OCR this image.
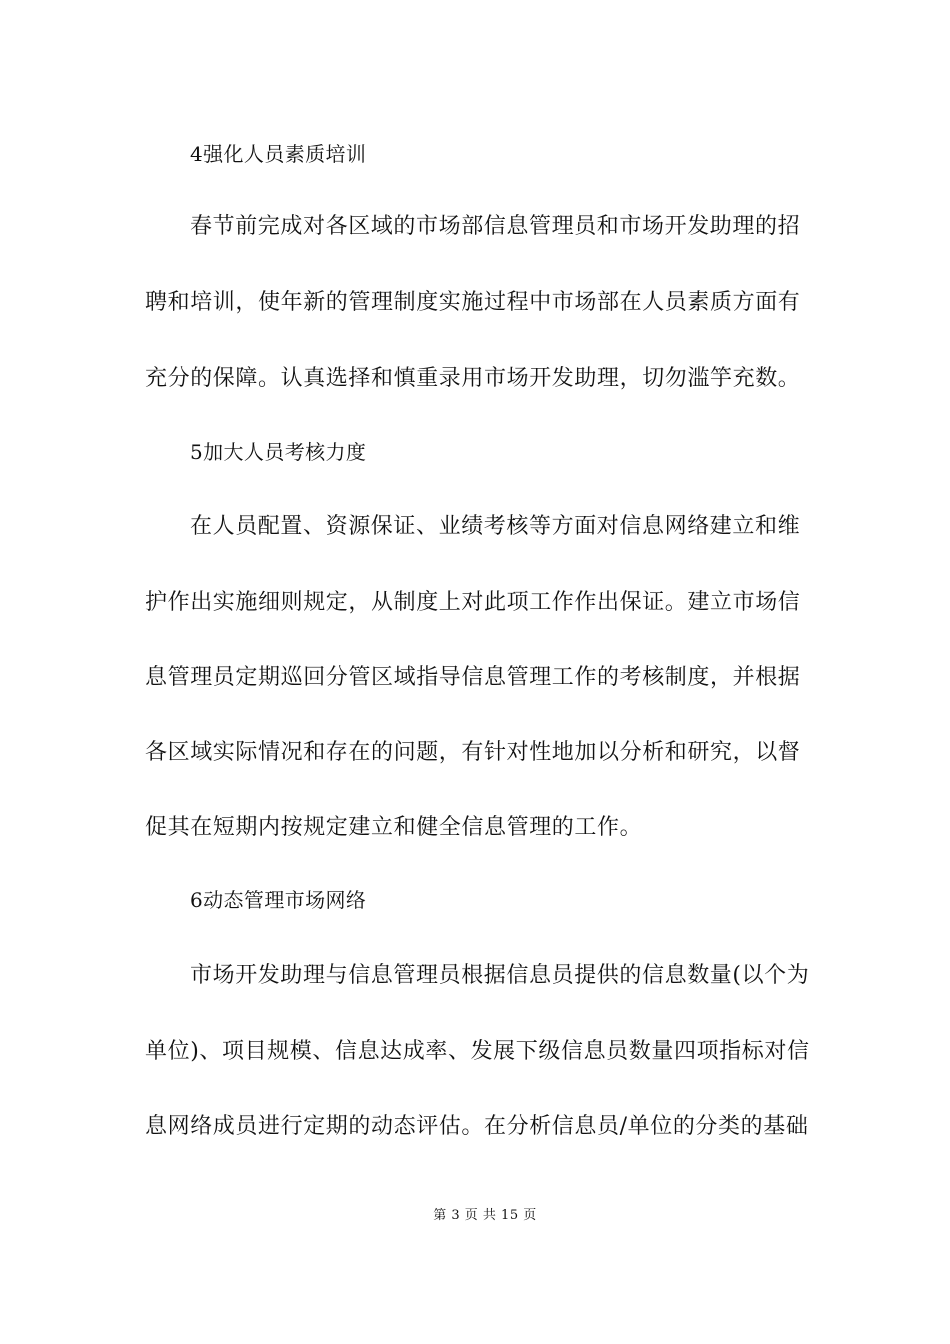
4强化人员素质培训
春节前完成对各区域的市场部信息管理员和市场开发助理的招
聘和培训，使年新的管理制度实施过程中市场部在人员素质方面有
充分的保障。认真选择和慎重录用市场开发助理，切勿滥竽充数。
5加大人员考核力度
在人员配置、资源保证、业绩考核等方面对信息网络建立和维
护作出实施细则规定，从制度上对此项工作作出保证。建立市场信
息管理员定期巡回分管区域指导信息管理工作的考核制度，并根据
各区域实际情况和存在的问题，有针对性地加以分析和研究，以督
促其在短期内按规定建立和健全信息管理的工作。
6动态管理市场网络
市场开发助理与信息管理员根据信息员提供的信息数量(以个为
单位)、项目规模、信息达成率、发展下级信息员数量四项指标对信
息网络成员进行定期的动态评估。在分析信息员/单位的分类的基础
第 3 页 共 15 页
